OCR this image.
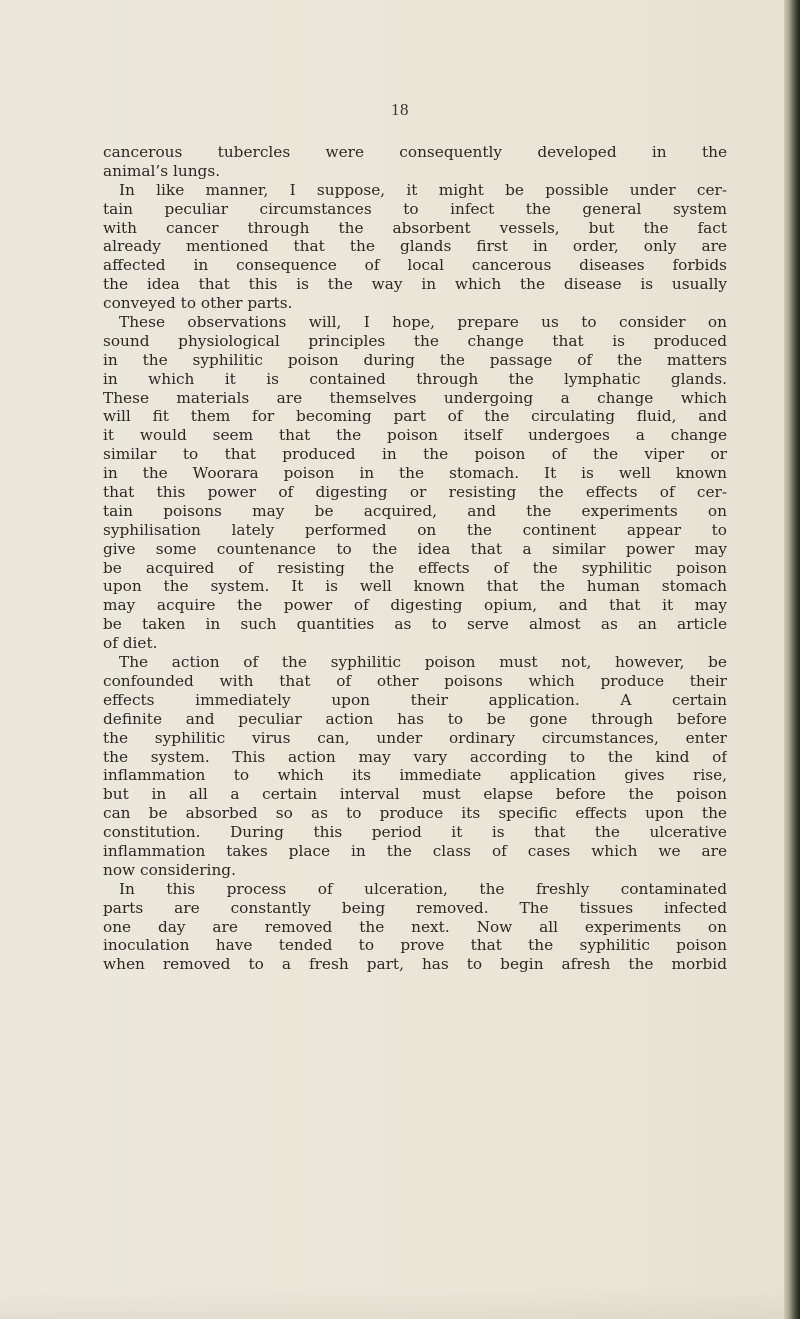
18
cancerous tubercles were consequently developed in the
animal’s lungs.
In like manner, I suppose, it might be possible under cer-
tain peculiar circumstances to infect the general system
with cancer through the absorbent vessels, but the fact
already mentioned that the glands first in order, only are
affected in consequence of local cancerous diseases forbids
the idea that this is the way in which the disease is usually
conveyed to other parts.
These observations will, I hope, prepare us to consider on
sound physiological principles the change that is produced
in the syphilitic poison during the passage of the matters
in which it is contained through the lymphatic glands.
These materials are themselves undergoing a change which
will fit them for becoming part of the circulating fluid, and
it would seem that the poison itself undergoes a change
similar to that produced in the poison of the viper or
in the Woorara poison in the stomach. It is well known
that this power of digesting or resisting the effects of cer-
tain poisons may be acquired, and the experiments on
syphilisation lately performed on the continent appear to
give some countenance to the idea that a similar power may
be acquired of resisting the effects of the syphilitic poison
upon the system. It is well known that the human stomach
may acquire the power of digesting opium, and that it may
be taken in such quantities as to serve almost as an article
of diet.
The action of the syphilitic poison must not, however, be
confounded with that of other poisons which produce their
effects immediately upon their application. A certain
definite and peculiar action has to be gone through before
the syphilitic virus can, under ordinary circumstances, enter
the system. This action may vary according to the kind of
inflammation to which its immediate application gives rise,
but in all a certain interval must elapse before the poison
can be absorbed so as to produce its specific effects upon the
constitution. During this period it is that the ulcerative
inflammation takes place in the class of cases which we are
now considering.
In this process of ulceration, the freshly contaminated
parts are constantly being removed. The tissues infected
one day are removed the next. Now all experiments on
inoculation have tended to prove that the syphilitic poison
when removed to a fresh part, has to begin afresh the morbid
